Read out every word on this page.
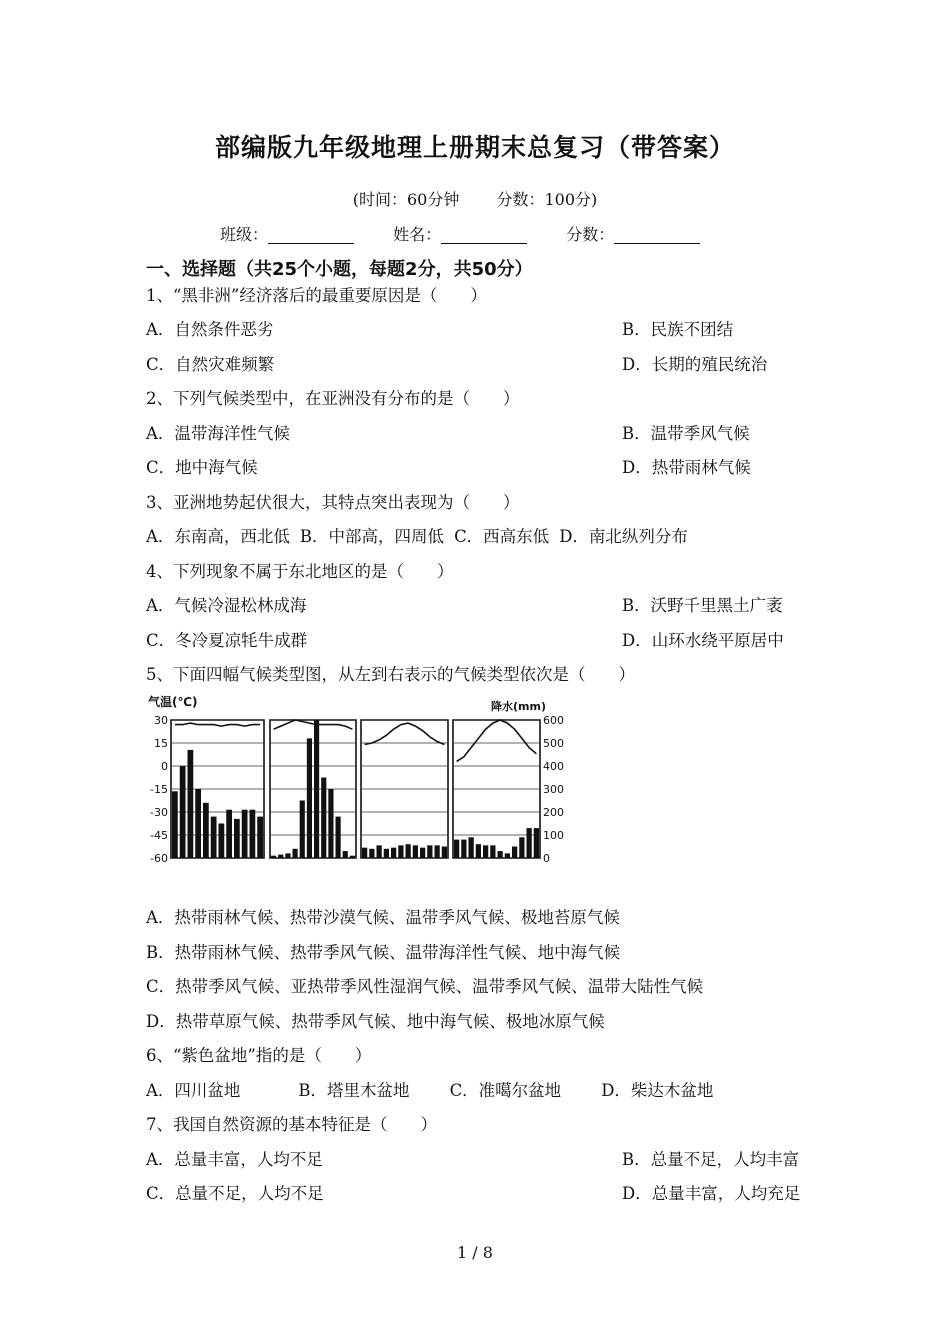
部编版九年级地理上册期末总复习（带答案）
(时间：60分钟 分数：100分)
班级：	姓名：	分数：
一、选择题（共25个小题，每题2分，共50分）
1、“黑非洲”经济落后的最重要原因是（　　）
A．自然条件恶劣	B．民族不团结
C．自然灾难频繁	D．长期的殖民统治
2、下列气候类型中，在亚洲没有分布的是（　　）
A．温带海洋性气候	B．温带季风气候
C．地中海气候	D．热带雨林气候
3、亚洲地势起伏很大，其特点突出表现为（　　）
A．东南高，西北低 B．中部高，四周低 C．西高东低 D．南北纵列分布
4、下列现象不属于东北地区的是（　　）
A．气候冷湿松林成海	B．沃野千里黑土广袤
C．冬冷夏凉牦牛成群	D．山环水绕平原居中
5、下面四幅气候类型图，从左到右表示的气候类型依次是（　　）
气温(℃)	降水(mm)
30
15
0
-15
-30
-45
-60
600
500
400
300
200
100
0
A．热带雨林气候、热带沙漠气候、温带季风气候、极地苔原气候
B．热带雨林气候、热带季风气候、温带海洋性气候、地中海气候
C．热带季风气候、亚热带季风性湿润气候、温带季风气候、温带大陆性气候
D．热带草原气候、热带季风气候、地中海气候、极地冰原气候
6、“紫色盆地”指的是（　　）
A．四川盆地	B．塔里木盆地 C．准噶尔盆地 D．柴达木盆地
7、我国自然资源的基本特征是（　　）
A．总量丰富，人均不足	B．总量不足，人均丰富
C．总量不足，人均不足	D．总量丰富，人均充足
1 / 8
